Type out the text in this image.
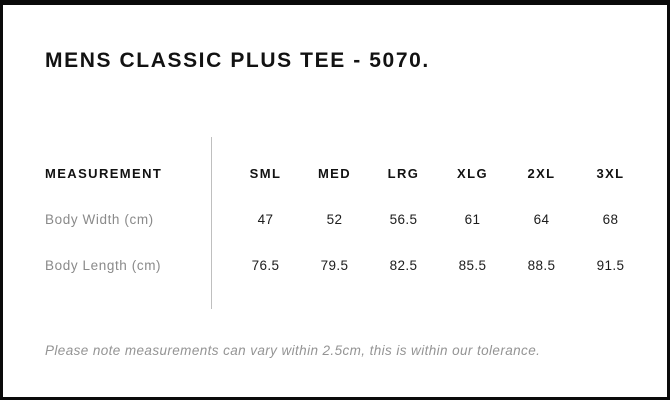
MENS CLASSIC PLUS TEE - 5070.
MEASUREMENT	SML	MED	LRG	XLG	2XL	3XL
Body Width (cm)	47	52	56.5	61	64	68
Body Length (cm)	76.5	79.5	82.5	85.5	88.5	91.5

Please note measurements can vary within 2.5cm, this is within our tolerance.
